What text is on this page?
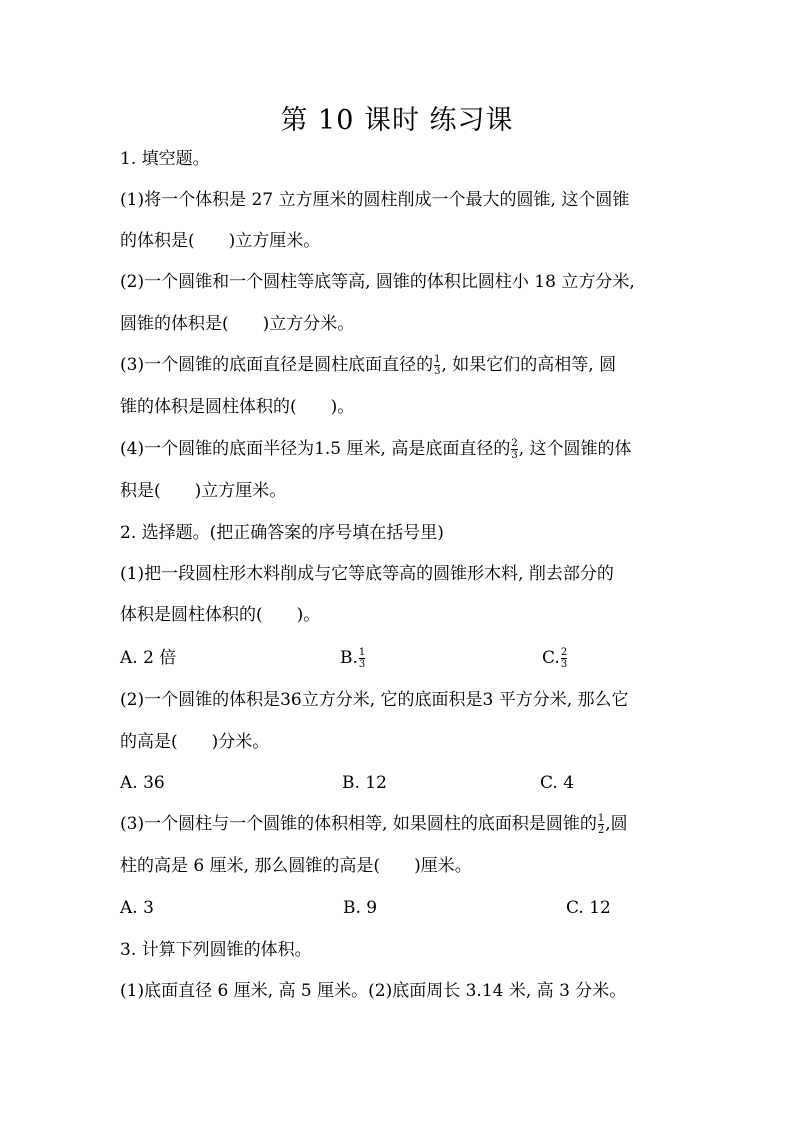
第 10 课时 练习课
1. 填空题。
(1)将一个体积是 27 立方厘米的圆柱削成一个最大的圆锥, 这个圆锥
的体积是(　　)立方厘米。
(2)一个圆锥和一个圆柱等底等高, 圆锥的体积比圆柱小 18 立方分米,
圆锥的体积是(　　)立方分米。
(3)一个圆锥的底面直径是圆柱底面直径的 $\frac{1}{3}$ , 如果它们的高相等, 圆
锥的体积是圆柱体积的(　　)。
(4)一个圆锥的底面半径为1.5 厘米, 高是底面直径的 $\frac{2}{3}$ , 这个圆锥的体
积是(　　)立方厘米。
2. 选择题。(把正确答案的序号填在括号里)
(1)把一段圆柱形木料削成与它等底等高的圆锥形木料, 削去部分的
体积是圆柱体积的(　　)。
A. 2 倍	B. $\frac{1}{3}$	C. $\frac{2}{3}$
(2)一个圆锥的体积是36立方分米, 它的底面积是3 平方分米, 那么它
的高是(　　)分米。
A. 36	B. 12	C. 4
(3)一个圆柱与一个圆锥的体积相等, 如果圆柱的底面积是圆锥的 $\frac{1}{2}$ ,圆
柱的高是 6 厘米, 那么圆锥的高是(　　)厘米。
A. 3	B. 9	C. 12
3. 计算下列圆锥的体积。
(1)底面直径 6 厘米, 高 5 厘米。(2)底面周长 3.14 米, 高 3 分米。
